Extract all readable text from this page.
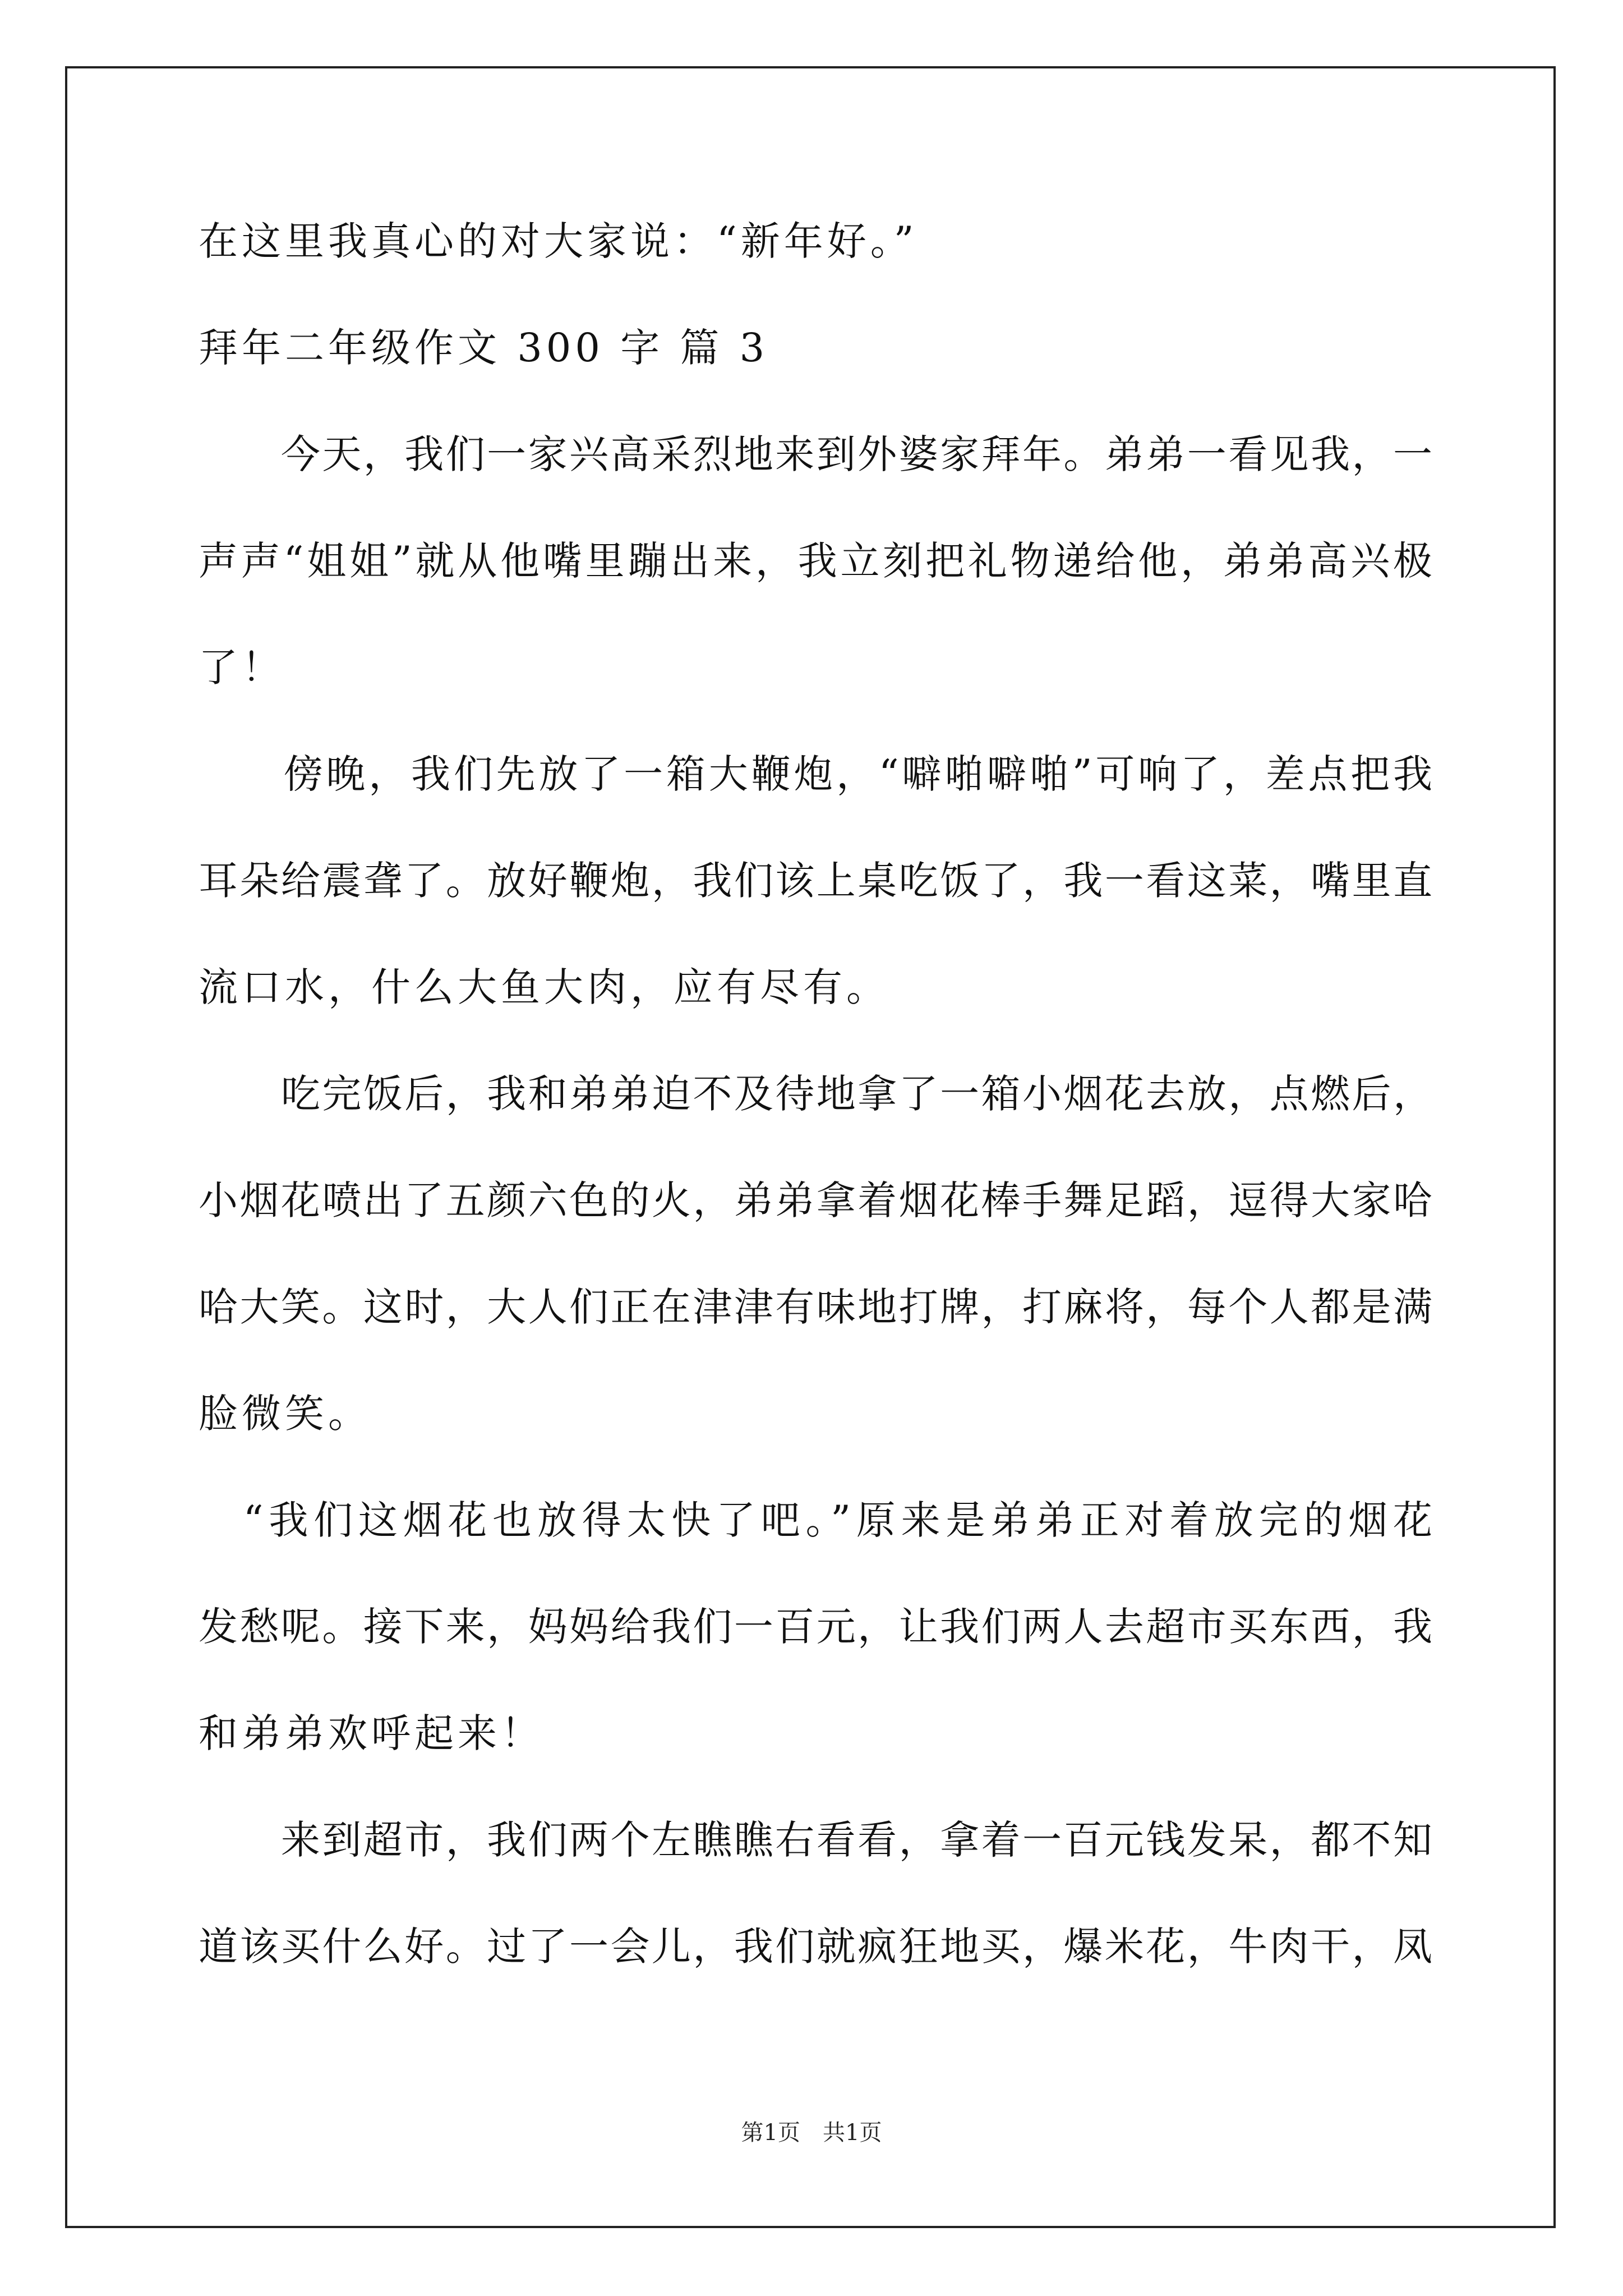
在这里我真心的对大家说：“新年好。”
拜年二年级作文 300 字 篇 3
　　今天，我们一家兴高采烈地来到外婆家拜年。弟弟一看见我，一
声声“姐姐”就从他嘴里蹦出来，我立刻把礼物递给他，弟弟高兴极
了！
　　傍晚，我们先放了一箱大鞭炮，“噼啪噼啪”可响了，差点把我
耳朵给震聋了。放好鞭炮，我们该上桌吃饭了，我一看这菜，嘴里直
流口水，什么大鱼大肉，应有尽有。
　　吃完饭后，我和弟弟迫不及待地拿了一箱小烟花去放，点燃后，
小烟花喷出了五颜六色的火，弟弟拿着烟花棒手舞足蹈，逗得大家哈
哈大笑。这时，大人们正在津津有味地打牌，打麻将，每个人都是满
脸微笑。
　“我们这烟花也放得太快了吧。”原来是弟弟正对着放完的烟花
发愁呢。接下来，妈妈给我们一百元，让我们两人去超市买东西，我
和弟弟欢呼起来！
　　来到超市，我们两个左瞧瞧右看看，拿着一百元钱发呆，都不知
道该买什么好。过了一会儿，我们就疯狂地买，爆米花，牛肉干，凤
第1页　共1页
